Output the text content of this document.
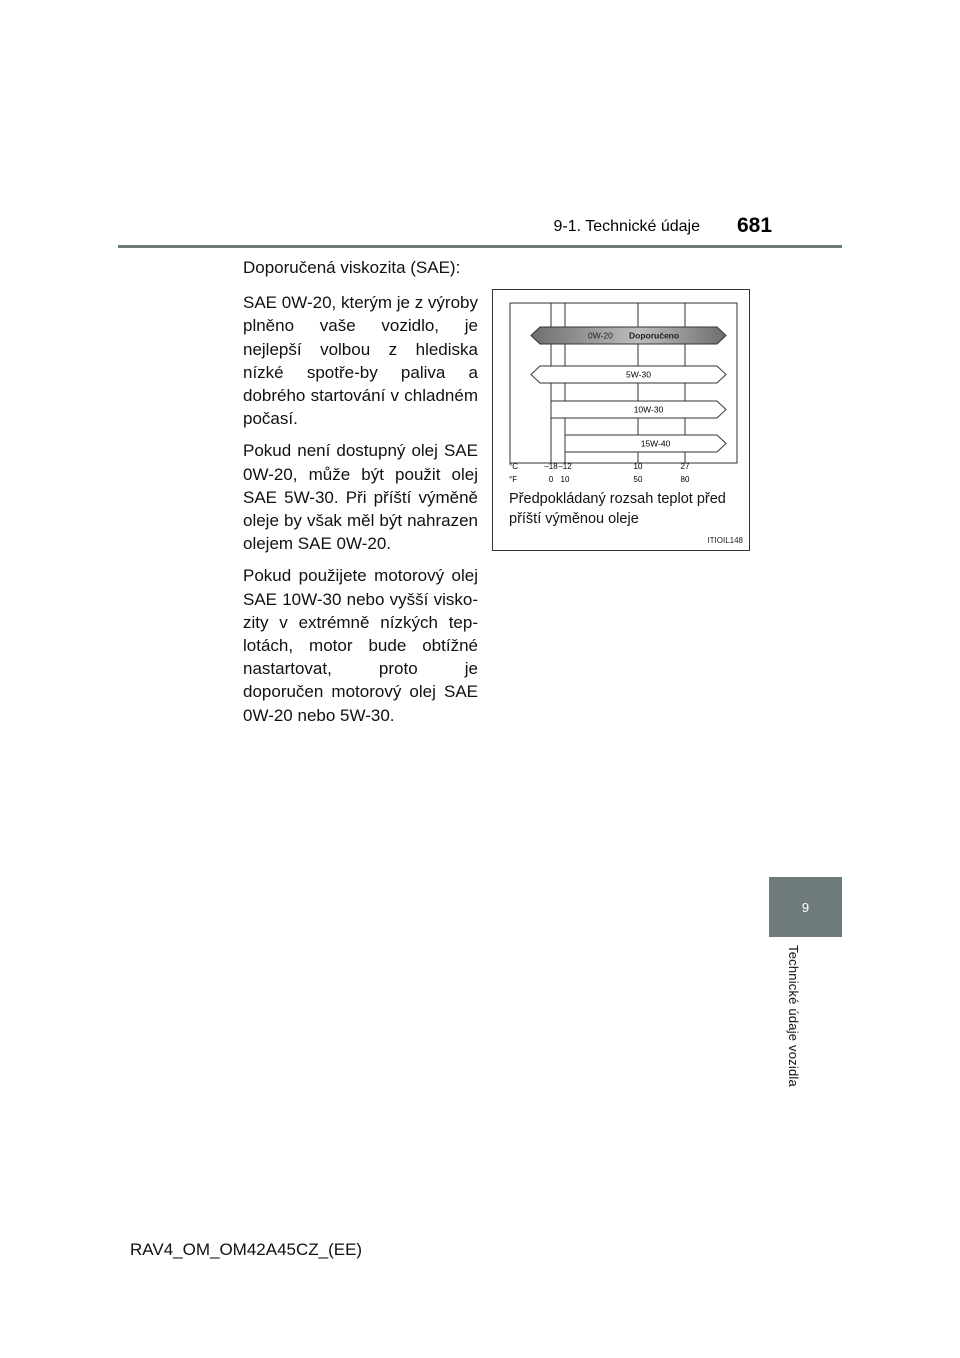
9-1. Technické údaje 681

Doporučená viskozita (SAE):

SAE 0W-20, kterým je z výroby plněno vaše vozidlo, je nejlepší volbou z hlediska nízké spotře-by paliva a dobrého startování v chladném počasí.

Pokud není dostupný olej SAE 0W-20, může být použit olej SAE 5W-30. Při příští výměně oleje by však měl být nahrazen olejem SAE 0W-20.

Pokud použijete motorový olej SAE 10W-30 nebo vyšší visko-zity v extrémně nízkých tep-lotách, motor bude obtížné nastartovat, proto je doporučen motorový olej SAE 0W-20 nebo 5W-30.

0W-20 Doporučeno
5W-30
10W-30
15W-40
°C
°F
–18 –12	10	27
0 10	50	80
Předpokládaný rozsah teplot před příští výměnou oleje
ITIOIL148
9
Technické údaje vozidla
RAV4_OM_OM42A45CZ_(EE)
